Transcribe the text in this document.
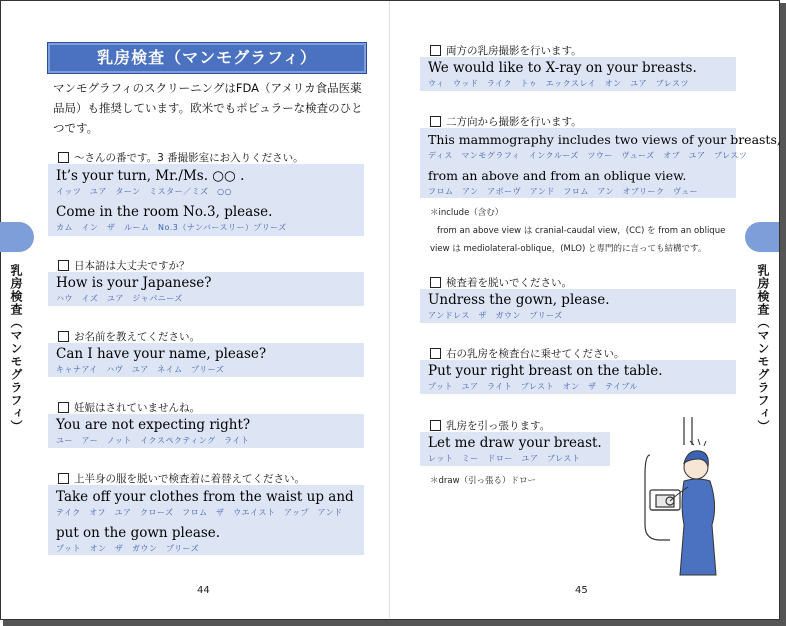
乳房検査（マンモグラフィ）
乳房検査（マンモグラフィ）
マンモグラフィのスクリーニングはFDA（アメリカ食品医薬品局）も推奨しています。欧米でもポピュラーな検査のひとつです。
～さんの番です。3 番撮影室にお入りください。
It’s your turn, Mr./Ms. ○○ .
イッツ　ユア　ターン　ミスター／ミズ　○○
Come in the room No.3, please.
カム　イン　ザ　ルーム　No.3（ナンバースリー）プリーズ
日本語は大丈夫ですか？
How is your Japanese?
ハウ　イズ　ユア　ジャパニーズ
お名前を教えてください。
Can I have your name, please?
キャナアイ　ハヴ　ユア　ネイム　プリーズ
妊娠はされていませんね。
You are not expecting right?
ユー　アー　ノット　イクスペクティング　ライト
上半身の服を脱いで検査着に着替えてください。
Take off your clothes from the waist up and
テイク　オフ　ユア　クローズ　フロム　ザ　ウエイスト　アップ　アンド
put on the gown please.
プット　オン　ザ　ガウン　プリーズ
44
乳房検査（マンモグラフィ）
両方の乳房撮影を行います。
We would like to X-ray on your breasts.
ウィ　ウッド　ライク　トゥ　エックスレイ　オン　ユア　ブレスツ
二方向から撮影を行います。
This mammography includes two views of your breasts,
ディス　マンモグラフィ　インクルーズ　ツウー　ヴューズ　オブ　ユア　ブレスツ
from an above and from an oblique view.
フロム　アン　アボーヴ　アンド　フロム　アン　オブリーク　ヴュー
＊include（含む）
from an above view は cranial-caudal view，(CC) を from an oblique
view は mediolateral-oblique，(MLO) と専門的に言っても結構です。
検査着を脱いでください。
Undress the gown, please.
アンドレス　ザ　ガウン　プリーズ
右の乳房を検査台に乗せてください。
Put your right breast on the table.
プット　ユア　ライト　ブレスト　オン　ザ　テイブル
乳房を引っ張ります。
Let me draw your breast.
レット　ミー　ドロー　ユア　ブレスト
＊draw（引っ張る）ドロー
45
